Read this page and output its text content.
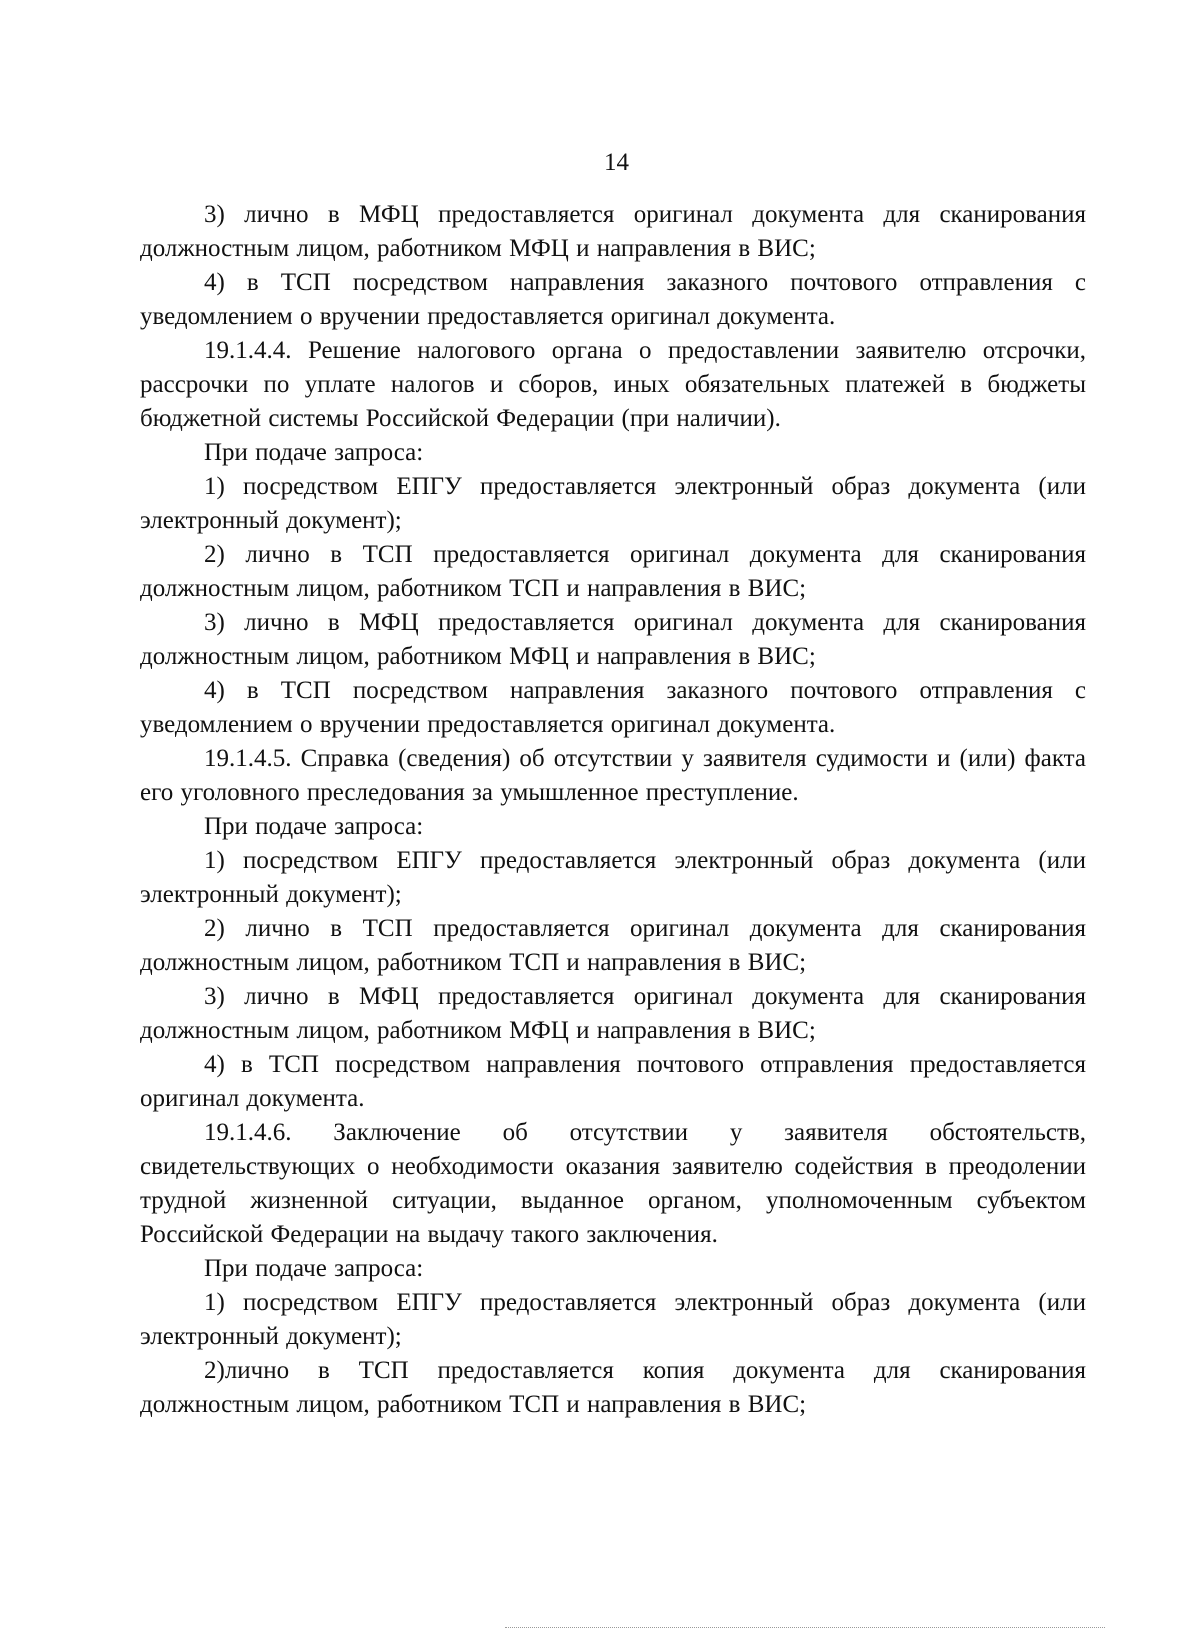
14

3) лично в МФЦ предоставляется оригинал документа для сканирования должностным лицом, работником МФЦ и направления в ВИС;

4) в ТСП посредством направления заказного почтового отправления с уведомлением о вручении предоставляется оригинал документа.

19.1.4.4. Решение налогового органа о предоставлении заявителю отсрочки, рассрочки по уплате налогов и сборов, иных обязательных платежей в бюджеты бюджетной системы Российской Федерации (при наличии).

При подаче запроса:

1) посредством ЕПГУ предоставляется электронный образ документа (или электронный документ);

2) лично в ТСП предоставляется оригинал документа для сканирования должностным лицом, работником ТСП и направления в ВИС;

3) лично в МФЦ предоставляется оригинал документа для сканирования должностным лицом, работником МФЦ и направления в ВИС;

4) в ТСП посредством направления заказного почтового отправления с уведомлением о вручении предоставляется оригинал документа.

19.1.4.5. Справка (сведения) об отсутствии у заявителя судимости и (или) факта его уголовного преследования за умышленное преступление.

При подаче запроса:

1) посредством ЕПГУ предоставляется электронный образ документа (или электронный документ);

2) лично в ТСП предоставляется оригинал документа для сканирования должностным лицом, работником ТСП и направления в ВИС;

3) лично в МФЦ предоставляется оригинал документа для сканирования должностным лицом, работником МФЦ и направления в ВИС;

4) в ТСП посредством направления почтового отправления предоставляется оригинал документа.

19.1.4.6. Заключение об отсутствии у заявителя обстоятельств, свидетельствующих о необходимости оказания заявителю содействия в преодолении трудной жизненной ситуации, выданное органом, уполномоченным субъектом Российской Федерации на выдачу такого заключения.

При подаче запроса:

1) посредством ЕПГУ предоставляется электронный образ документа (или электронный документ);

2)лично в ТСП предоставляется копия документа для сканирования должностным лицом, работником ТСП и направления в ВИС;
